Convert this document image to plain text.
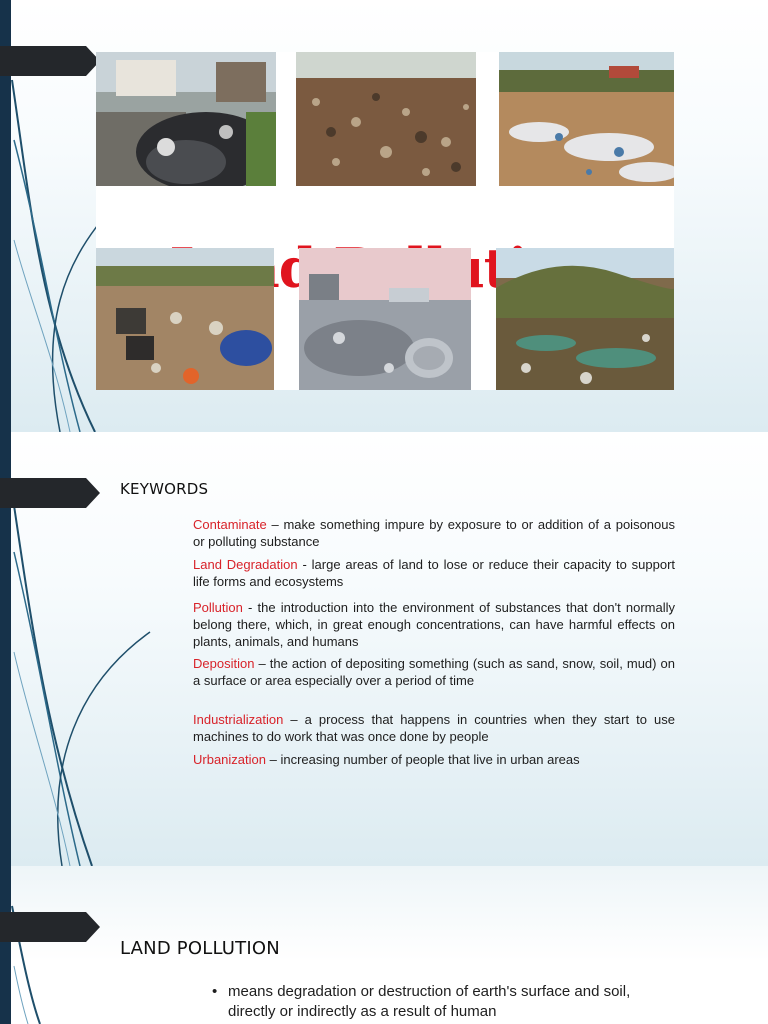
KEYWORDS

Contaminate – make something impure by exposure to or addition of a poisonous or polluting substance

Land Degradation - large areas of land to lose or reduce their capacity to support life forms and ecosystems

Pollution - the introduction into the environment of substances that don't normally belong there, which, in great enough concentrations, can have harmful effects on plants, animals, and humans

Deposition – the action of depositing something (such as sand, snow, soil, mud) on a surface or area especially over a period of time

Industrialization – a process that happens in countries when they start to use machines to do work that was once done by people

Urbanization – increasing number of people that live in urban areas

LAND POLLUTION
• means degradation or destruction of earth's surface and soil, directly or indirectly as a result of human
